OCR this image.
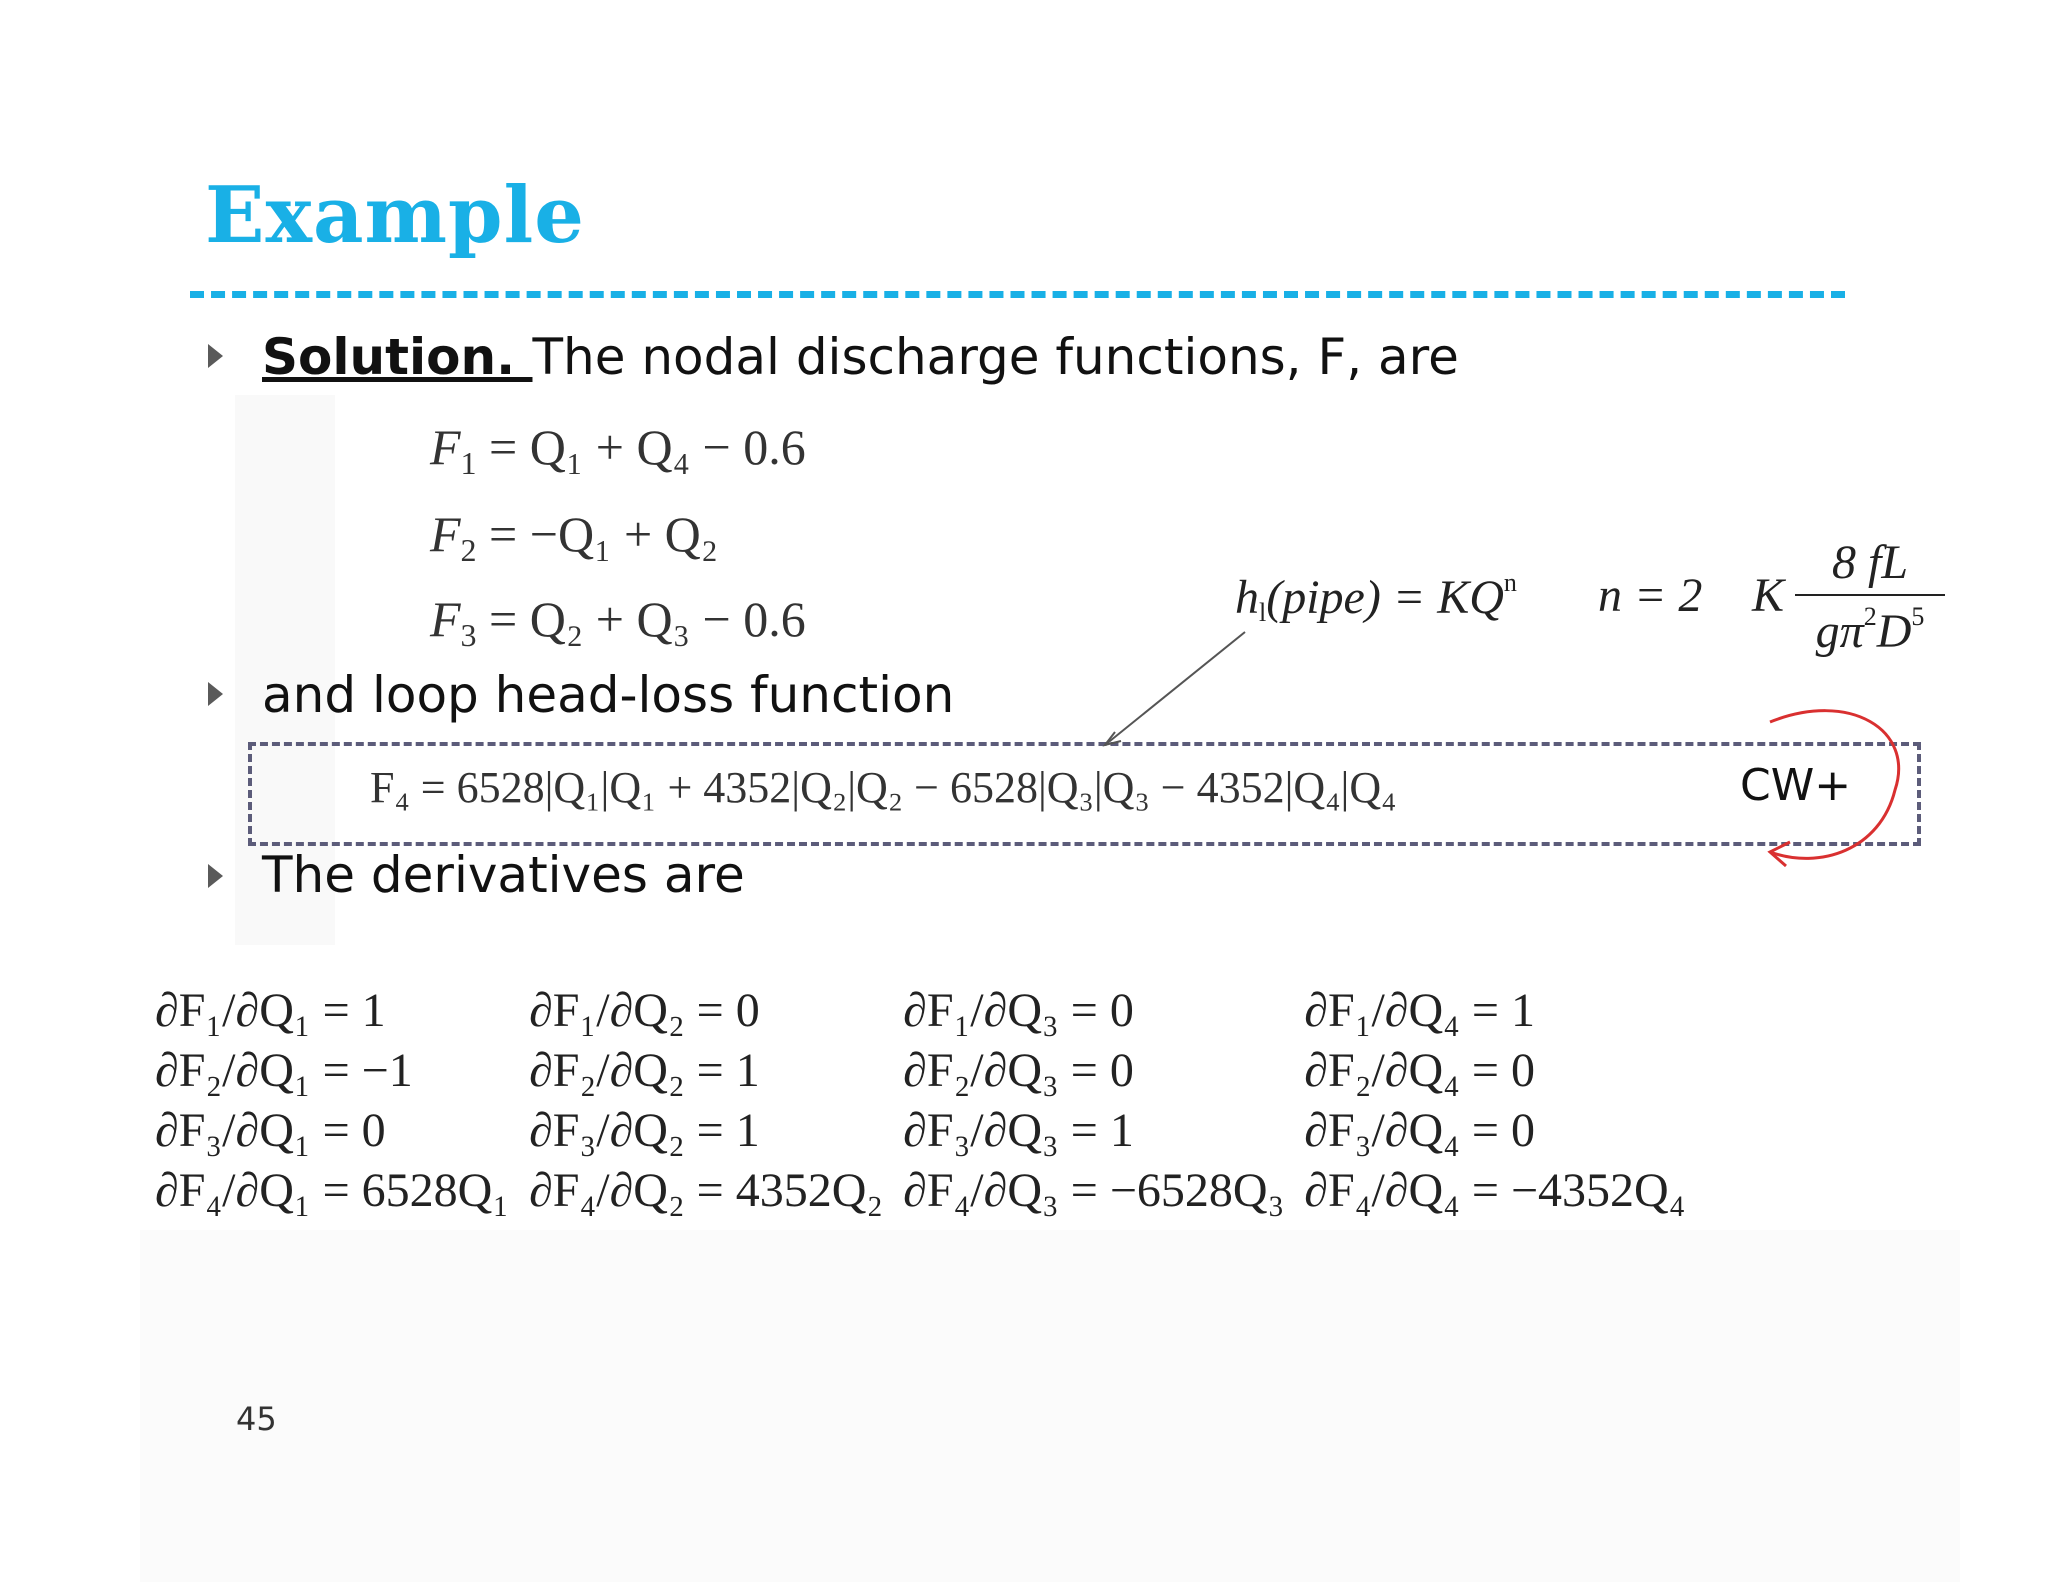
Example
Solution. The nodal discharge functions, F, are
$F_1 = Q_1 + Q_4 - 0.6$
$F_2 = -Q_1 + Q_2$
$F_3 = Q_2 + Q_3 - 0.6$	$h_l(pipe) = KQ^n$ n = 2 K
8 fL
$g\pi^2D^5$
and loop head-loss function
F₄ = 6528|Q₁|Q₁ + 4352|Q₂|Q₂ − 6528|Q₃|Q₃ − 4352|Q₄|Q₄	CW+
The derivatives are
∂F₁/∂Q₁ = 1	∂F₁/∂Q₂ = 0	∂F₁/∂Q₃ = 0	∂F₁/∂Q₄ = 1
∂F₂/∂Q₁ = −1	∂F₂/∂Q₂ = 1	∂F₂/∂Q₃ = 0	∂F₂/∂Q₄ = 0
∂F₃/∂Q₁ = 0	∂F₃/∂Q₂ = 1	∂F₃/∂Q₃ = 1	∂F₃/∂Q₄ = 0
∂F₄/∂Q₁ = 6528Q₁	∂F₄/∂Q₂ = 4352Q₂	∂F₄/∂Q₃ = −6528Q₃	∂F₄/∂Q₄ = −4352Q₄
45
